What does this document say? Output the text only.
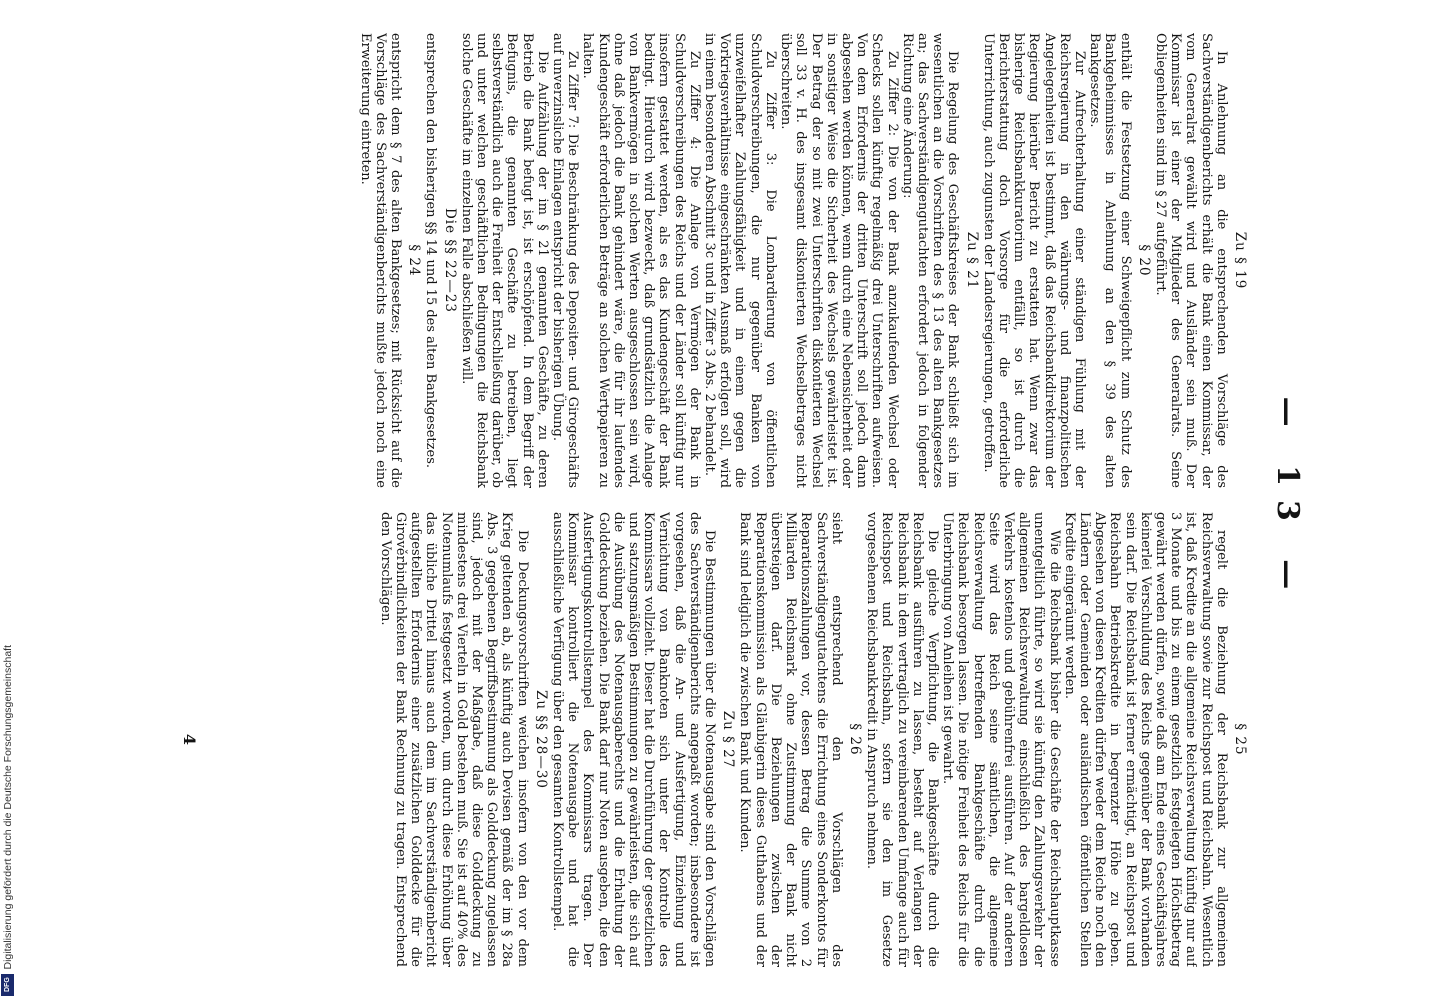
Digitalisierung gefördert durch die Deutsche Forschungsgemeinschaft
DFG
— 13 —
Zu § 19

In Anlehnung an die entsprechenden Vorschläge des Sachverständigenberichts erhält die Bank einen Kommissar, der vom Generalrat gewählt wird und Ausländer sein muß. Der Kommissar ist einer der Mitglieder des Generalrats. Seine Obliegenheiten sind im § 27 aufgeführt.

§ 20

enthält die Festsetzung einer Schweigepflicht zum Schutz des Bankgeheimnisses in Anlehnung an den § 39 des alten Bankgesetzes.

Zur Aufrechterhaltung einer ständigen Fühlung mit der Reichsregierung in den währungs- und finanzpolitischen Angelegenheiten ist bestimmt, daß das Reichsbankdirektorium der Regierung hierüber Bericht zu erstatten hat. Wenn zwar das bisherige Reichsbankkuratorium entfällt, so ist durch die Berichterstattung doch Vorsorge für die erforderliche Unterrichtung, auch zugunsten der Landesregierungen, getroffen.

Zu § 21

Die Regelung des Geschäftskreises der Bank schließt sich im wesentlichen an die Vorschriften des § 13 des alten Bankgesetzes an; das Sachverständigengutachten erfordert jedoch in folgender Richtung eine Änderung:

Zu Ziffer 2: Die von der Bank anzukaufenden Wechsel oder Schecks sollen künftig regelmäßig drei Unterschriften aufweisen. Von dem Erfordernis der dritten Unterschrift soll jedoch dann abgesehen werden können, wenn durch eine Nebensicherheit oder in sonstiger Weise die Sicherheit des Wechsels gewährleistet ist. Der Betrag der so mit zwei Unterschriften diskontierten Wechsel soll 33 v. H. des insgesamt diskontierten Wechselbetrages nicht überschreiten.

Zu Ziffer 3: Die Lombardierung von öffentlichen Schuldverschreibungen, die nur gegenüber Banken von unzweifelhafter Zahlungsfähigkeit und in einem gegen die Vorkriegsverhältnisse eingeschränkten Ausmaß erfolgen soll, wird in einem besonderen Abschnitt 3c und in Ziffer 3 Abs. 2 behandelt.

Zu Ziffer 4: Die Anlage von Vermögen der Bank in Schuldverschreibungen des Reichs und der Länder soll künftig nur insofern gestattet werden, als es das Kundengeschäft der Bank bedingt. Hierdurch wird bezweckt, daß grundsätzlich die Anlage von Bankvermögen in solchen Werten ausgeschlossen sein wird, ohne daß jedoch die Bank gehindert wäre, die für ihr laufendes Kundengeschäft erforderlichen Beträge an solchen Wertpapieren zu halten.

Zu Ziffer 7: Die Beschränkung des Depositen- und Girogeschäfts auf unverzinsliche Einlagen entspricht der bisherigen Übung.

Die Aufzählung der im § 21 genannten Geschäfte, zu deren Betrieb die Bank befugt ist, ist erschöpfend. In dem Begriff der Befugnis, die genannten Geschäfte zu betreiben, liegt selbstverständlich auch die Freiheit der Entschließung darüber, ob und unter welchen geschäftlichen Bedingungen die Reichsbank solche Geschäfte im einzelnen Falle abschließen will.

Die §§ 22—23

entsprechen den bisherigen §§ 14 und 15 des alten Bankgesetzes.

§ 24

entspricht dem § 7 des alten Bankgesetzes; mit Rücksicht auf die Vorschläge des Sachverständigenberichts mußte jedoch noch eine Erweiterung eintreten.

§ 25

regelt die Beziehung der Reichsbank zur allgemeinen Reichsverwaltung sowie zur Reichspost und Reichsbahn. Wesentlich ist, daß Kredite an die allgemeine Reichsverwaltung künftig nur auf 3 Monate und bis zu einem gesetzlich festgelegten Höchstbetrag gewährt werden dürfen, sowie daß am Ende eines Geschäftsjahres keinerlei Verschuldung des Reichs gegenüber der Bank vorhanden sein darf. Die Reichsbank ist ferner ermächtigt, an Reichspost und Reichsbahn Betriebskredite in begrenzter Höhe zu geben. Abgesehen von diesen Krediten dürfen weder dem Reiche noch den Ländern oder Gemeinden oder ausländischen öffentlichen Stellen Kredite eingeräumt werden.

Wie die Reichsbank bisher die Geschäfte der Reichshauptkasse unentgeltlich führte, so wird sie künftig den Zahlungsverkehr der allgemeinen Reichsverwaltung einschließlich des bargeldlosen Verkehrs kostenlos und gebührenfrei ausführen. Auf der anderen Seite wird das Reich seine sämtlichen, die allgemeine Reichsverwaltung betreffenden Bankgeschäfte durch die Reichsbank besorgen lassen. Die nötige Freiheit des Reichs für die Unterbringung von Anleihen ist gewahrt.

Die gleiche Verpflichtung, die Bankgeschäfte durch die Reichsbank ausführen zu lassen, besteht auf Verlangen der Reichsbank in dem vertraglich zu vereinbarenden Umfange auch für Reichspost und Reichsbahn, sofern sie den im Gesetze vorgesehenen Reichsbankkredit in Anspruch nehmen.

§ 26

sieht entsprechend den Vorschlägen des Sachverständigengutachtens die Errichtung eines Sonderkontos für Reparationszahlungen vor, dessen Betrag die Summe von 2 Milliarden Reichsmark ohne Zustimmung der Bank nicht übersteigen darf. Die Beziehungen zwischen der Reparationskommission als Gläubigerin dieses Guthabens und der Bank sind lediglich die zwischen Bank und Kunden.

Zu § 27

Die Bestimmungen über die Notenausgabe sind den Vorschlägen des Sachverständigenberichts angepaßt worden; insbesondere ist vorgesehen, daß die An- und Ausfertigung, Einziehung und Vernichtung von Banknoten sich unter der Kontrolle des Kommissars vollzieht. Dieser hat die Durchführung der gesetzlichen und satzungsmäßigen Bestimmungen zu gewährleisten, die sich auf die Ausübung des Notenausgaberechts und die Erhaltung der Golddeckung beziehen. Die Bank darf nur Noten ausgeben, die den Ausfertigungskontrollstempel des Kommissars tragen. Der Kommissar kontrolliert die Notenausgabe und hat die ausschließliche Verfügung über den gesamten Kontrollstempel.

Zu §§ 28—30

Die Deckungsvorschriften weichen insofern von den vor dem Krieg geltenden ab, als künftig auch Devisen gemäß der im § 28a Abs. 3 gegebenen Begriffsbestimmung als Golddeckung zugelassen sind, jedoch mit der Maßgabe, daß diese Golddeckung zu mindestens drei Vierteln in Gold bestehen muß. Sie ist auf 40% des Notenumlaufs festgesetzt worden, um durch diese Erhöhung über das übliche Drittel hinaus auch dem im Sachverständigenbericht aufgestellten Erfordernis einer zusätzlichen Golddecke für die Girověrbindlichkeiten der Bank Rechnung zu tragen. Entsprechend den Vorschlägen.

4
